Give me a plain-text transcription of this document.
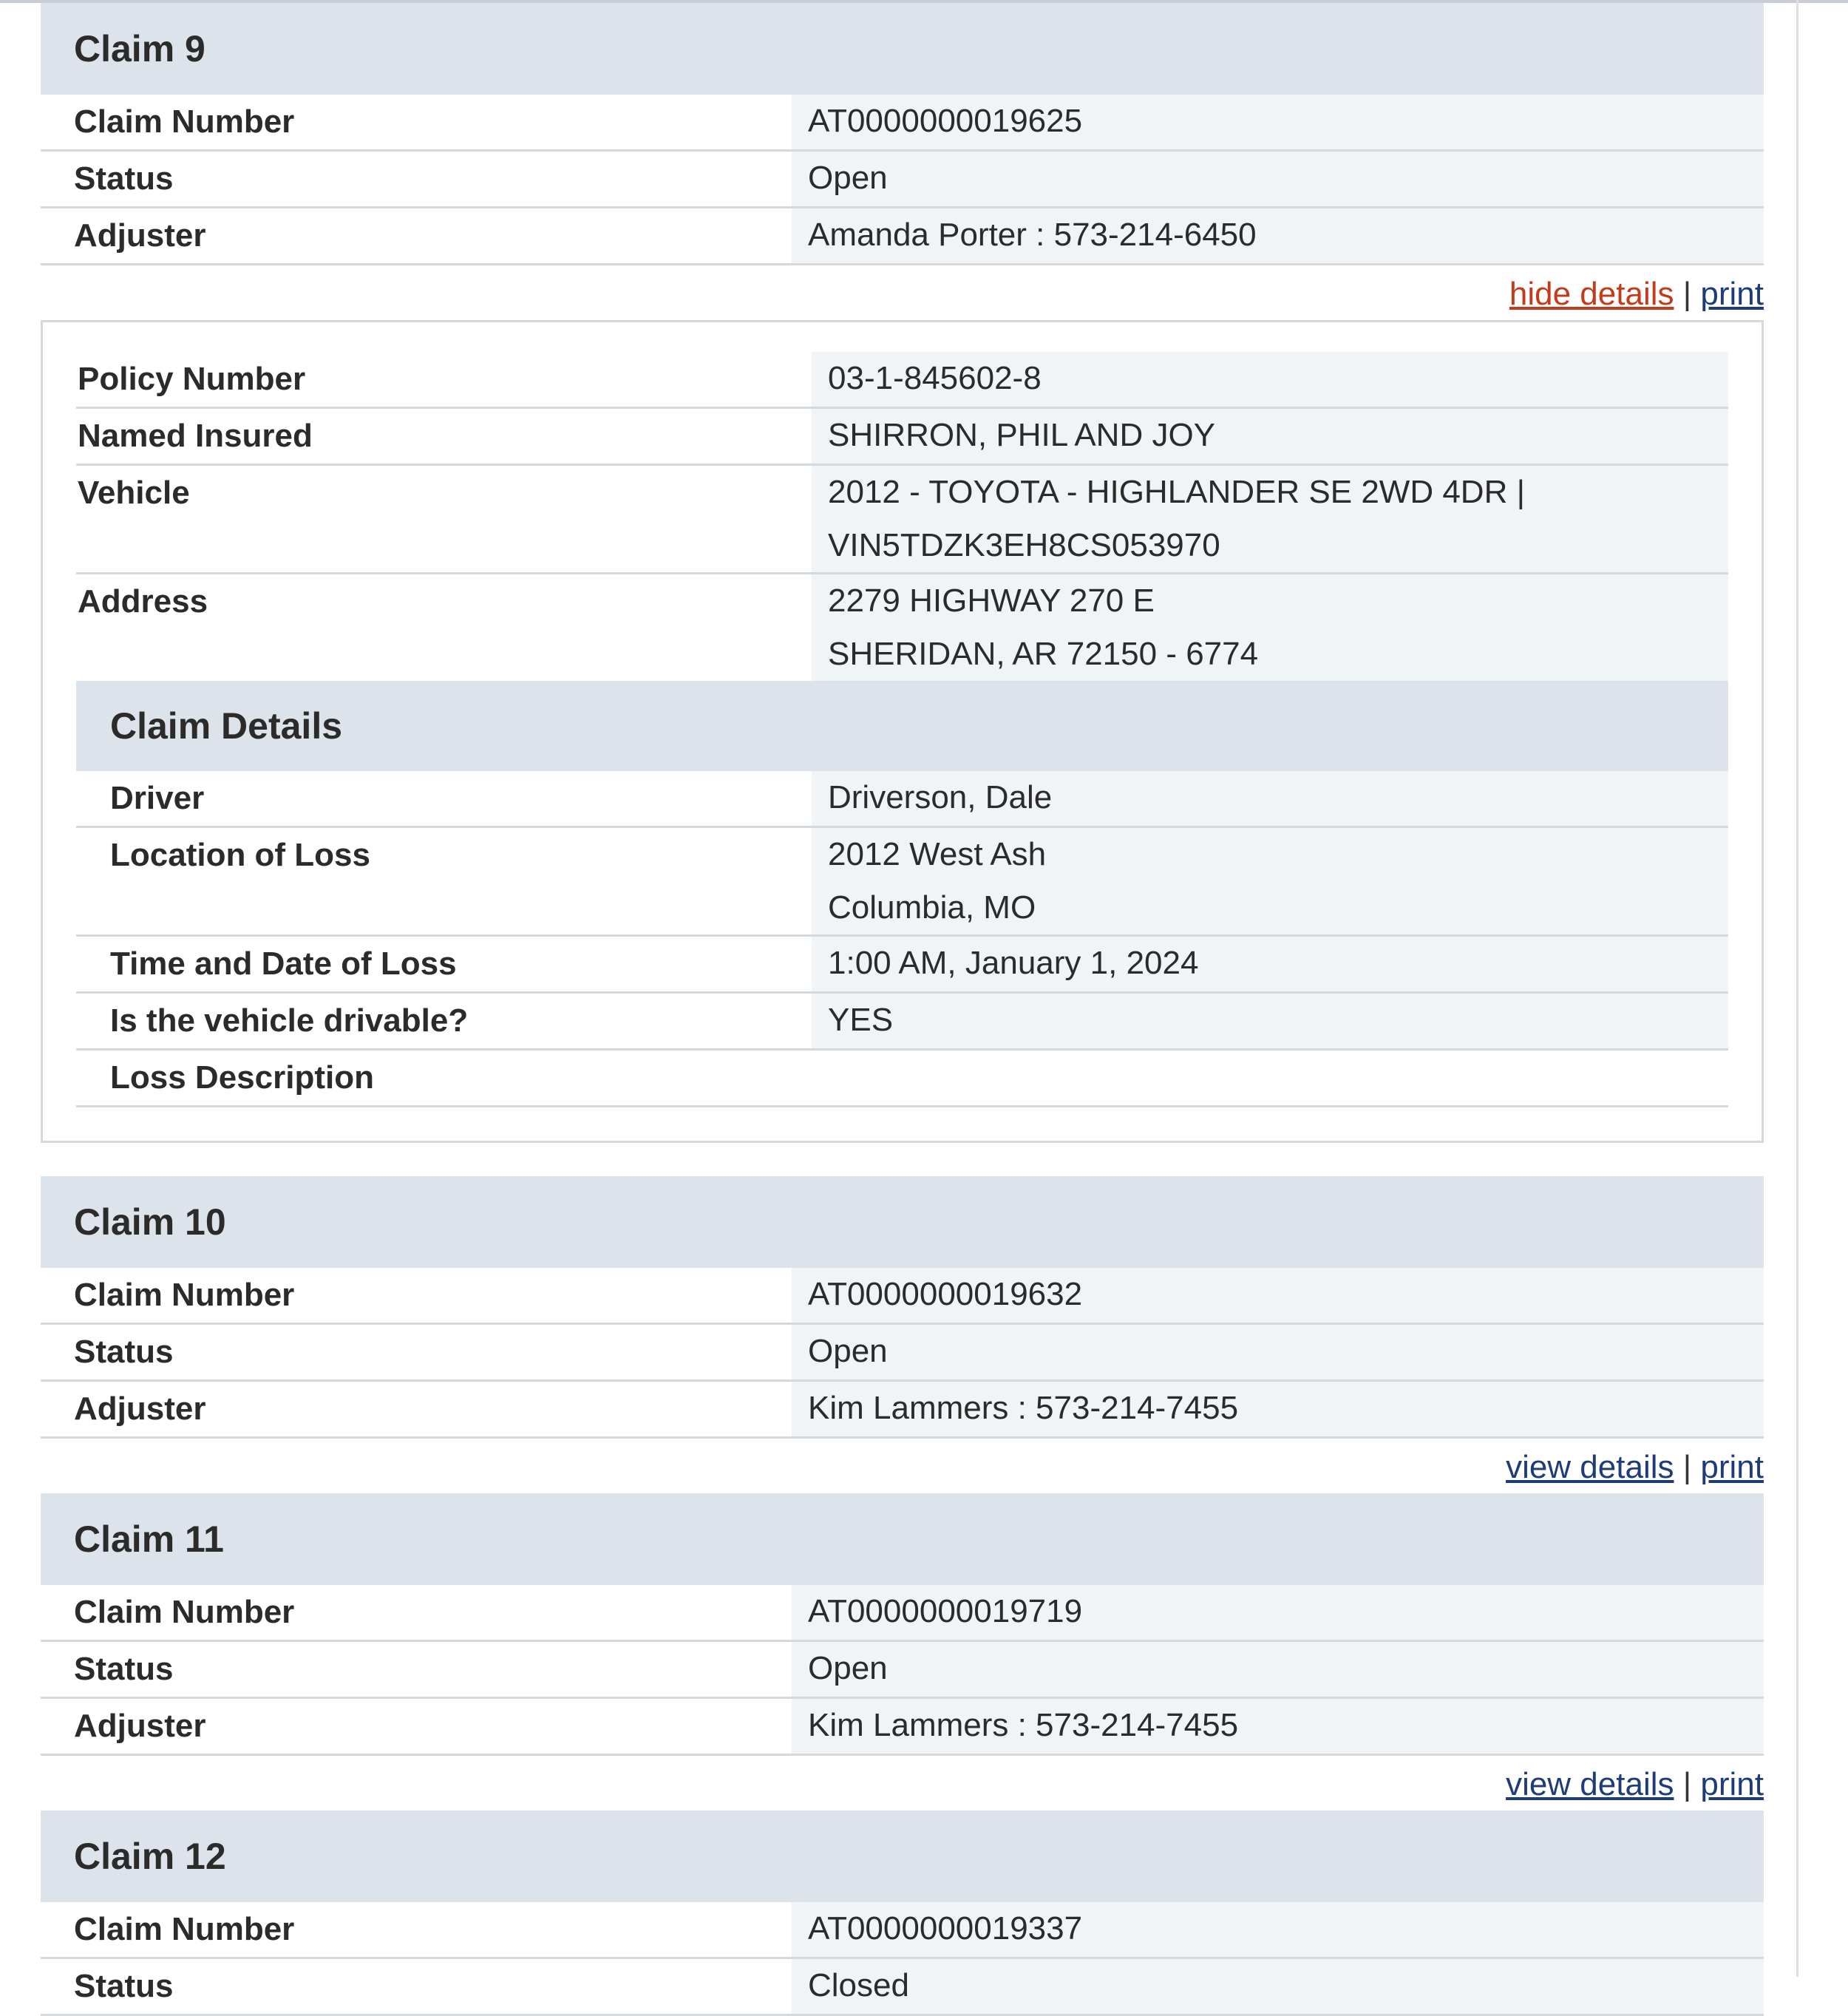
Claim 9
Claim Number	AT0000000019625
Status	Open
Adjuster	Amanda Porter : 573-214-6450
hide details | print
Policy Number	03-1-845602-8
Named Insured	SHIRRON, PHIL AND JOY
Vehicle	2012 - TOYOTA - HIGHLANDER SE 2WD 4DR |
VIN5TDZK3EH8CS053970
Address	2279 HIGHWAY 270 E
SHERIDAN, AR 72150 - 6774
Claim Details
Driver	Driverson, Dale
Location of Loss	2012 West Ash
Columbia, MO
Time and Date of Loss	1:00 AM, January 1, 2024
Is the vehicle drivable?	YES
Loss Description
Claim 10
Claim Number	AT0000000019632
Status	Open
Adjuster	Kim Lammers : 573-214-7455
view details | print
Claim 11
Claim Number	AT0000000019719
Status	Open
Adjuster	Kim Lammers : 573-214-7455
view details | print
Claim 12
Claim Number	AT0000000019337
Status	Closed
